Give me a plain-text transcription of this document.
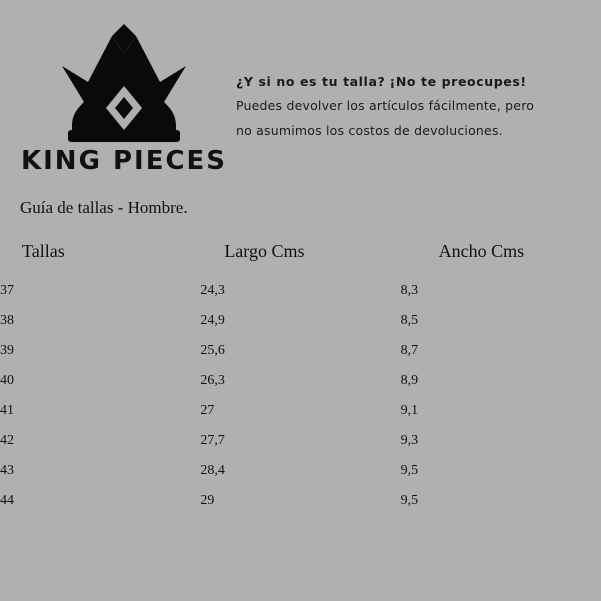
KING PIECES
¿Y si no es tu talla? ¡No te preocupes!
Puedes devolver los artículos fácilmente, pero
no asumimos los costos de devoluciones.
Guía de tallas - Hombre.
Tallas	Largo Cms	Ancho Cms
37	24,3	8,3
38	24,9	8,5
39	25,6	8,7
40	26,3	8,9
41	27	9,1
42	27,7	9,3
43	28,4	9,5
44	29	9,5
